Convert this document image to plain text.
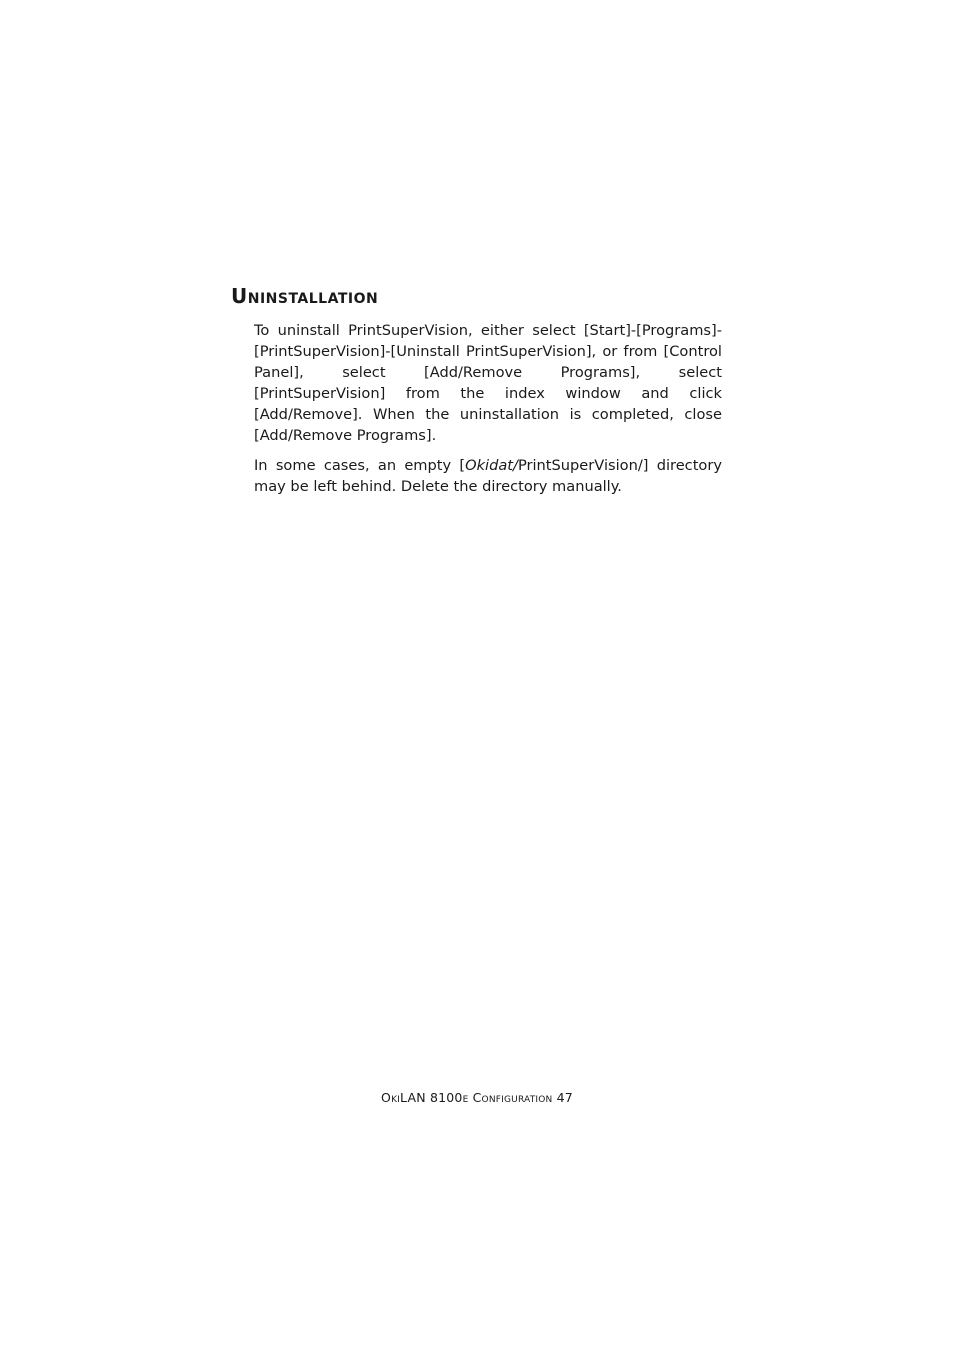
Uninstallation

To uninstall PrintSuperVision, either select [Start]-[Programs]-[PrintSuperVision]-[Uninstall PrintSuperVision], or from [Control Panel], select [Add/Remove Programs], select [PrintSuperVision] from the index window and click [Add/Remove]. When the uninstallation is completed, close [Add/Remove Programs].

In some cases, an empty [Okidat/PrintSuperVision/] directory may be left behind. Delete the directory manually.

OkiLAN 8100e Configuration 47
